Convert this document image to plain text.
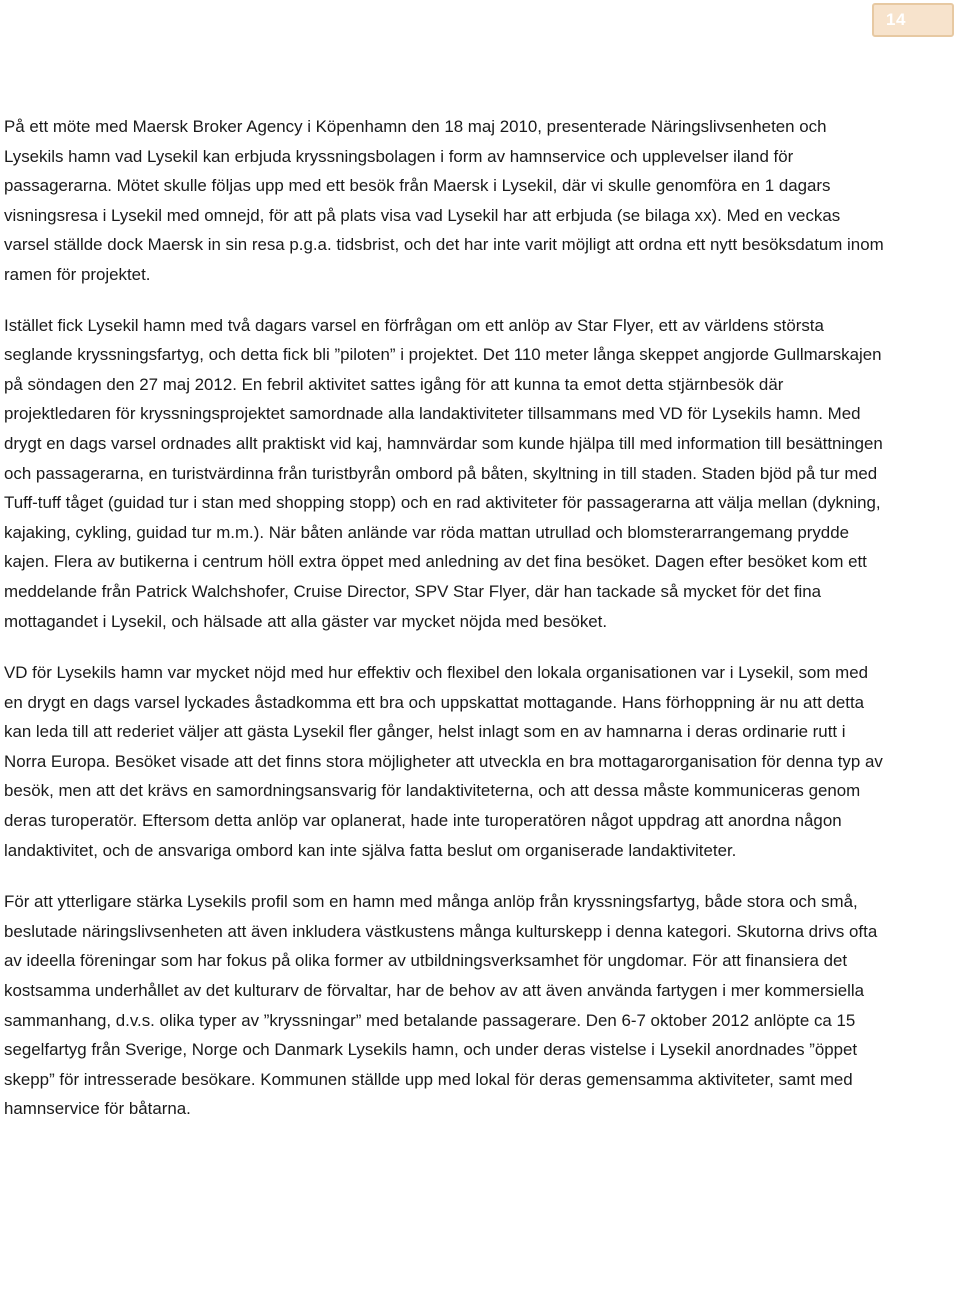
14

På ett möte med Maersk Broker Agency i Köpenhamn den 18 maj 2010, presenterade Näringslivsenheten och Lysekils hamn vad Lysekil kan erbjuda kryssningsbolagen i form av hamnservice och upplevelser iland för passagerarna. Mötet skulle följas upp med ett besök från Maersk i Lysekil, där vi skulle genomföra en 1 dagars visningsresa i Lysekil med omnejd, för att på plats visa vad Lysekil har att erbjuda (se bilaga xx). Med en veckas varsel ställde dock Maersk in sin resa p.g.a. tidsbrist, och det har inte varit möjligt att ordna ett nytt besöksdatum inom ramen för projektet.

Istället fick Lysekil hamn med två dagars varsel en förfrågan om ett anlöp av Star Flyer, ett av världens största seglande kryssningsfartyg, och detta fick bli ”piloten” i projektet. Det 110 meter långa skeppet angjorde Gullmarskajen på söndagen den 27 maj 2012. En febril aktivitet sattes igång för att kunna ta emot detta stjärnbesök där projektledaren för kryssningsprojektet samordnade alla landaktiviteter tillsammans med VD för Lysekils hamn. Med drygt en dags varsel ordnades allt praktiskt vid kaj, hamnvärdar som kunde hjälpa till med information till besättningen och passagerarna, en turistvärdinna från turistbyrån ombord på båten, skyltning in till staden. Staden bjöd på tur med Tuff-tuff tåget (guidad tur i stan med shopping stopp) och en rad aktiviteter för passagerarna att välja mellan (dykning, kajaking, cykling, guidad tur m.m.). När båten anlände var röda mattan utrullad och blomsterarrangemang prydde kajen. Flera av butikerna i centrum höll extra öppet med anledning av det fina besöket. Dagen efter besöket kom ett meddelande från Patrick Walchshofer, Cruise Director, SPV Star Flyer, där han tackade så mycket för det fina mottagandet i Lysekil, och hälsade att alla gäster var mycket nöjda med besöket.

VD för Lysekils hamn var mycket nöjd med hur effektiv och flexibel den lokala organisationen var i Lysekil, som med en drygt en dags varsel lyckades åstadkomma ett bra och uppskattat mottagande. Hans förhoppning är nu att detta kan leda till att rederiet väljer att gästa Lysekil fler gånger, helst inlagt som en av hamnarna i deras ordinarie rutt i Norra Europa. Besöket visade att det finns stora möjligheter att utveckla en bra mottagarorganisation för denna typ av besök, men att det krävs en samordningsansvarig för landaktiviteterna, och att dessa måste kommuniceras genom deras turoperatör. Eftersom detta anlöp var oplanerat, hade inte turoperatören något uppdrag att anordna någon landaktivitet, och de ansvariga ombord kan inte själva fatta beslut om organiserade landaktiviteter.

För att ytterligare stärka Lysekils profil som en hamn med många anlöp från kryssningsfartyg, både stora och små, beslutade näringslivsenheten att även inkludera västkustens många kulturskepp i denna kategori. Skutorna drivs ofta av ideella föreningar som har fokus på olika former av utbildningsverksamhet för ungdomar. För att finansiera det kostsamma underhållet av det kulturarv de förvaltar, har de behov av att även använda fartygen i mer kommersiella sammanhang, d.v.s. olika typer av ”kryssningar” med betalande passagerare. Den 6-7 oktober 2012 anlöpte ca 15 segelfartyg från Sverige, Norge och Danmark Lysekils hamn, och under deras vistelse i Lysekil anordnades ”öppet skepp” för intresserade besökare. Kommunen ställde upp med lokal för deras gemensamma aktiviteter, samt med hamnservice för båtarna.
